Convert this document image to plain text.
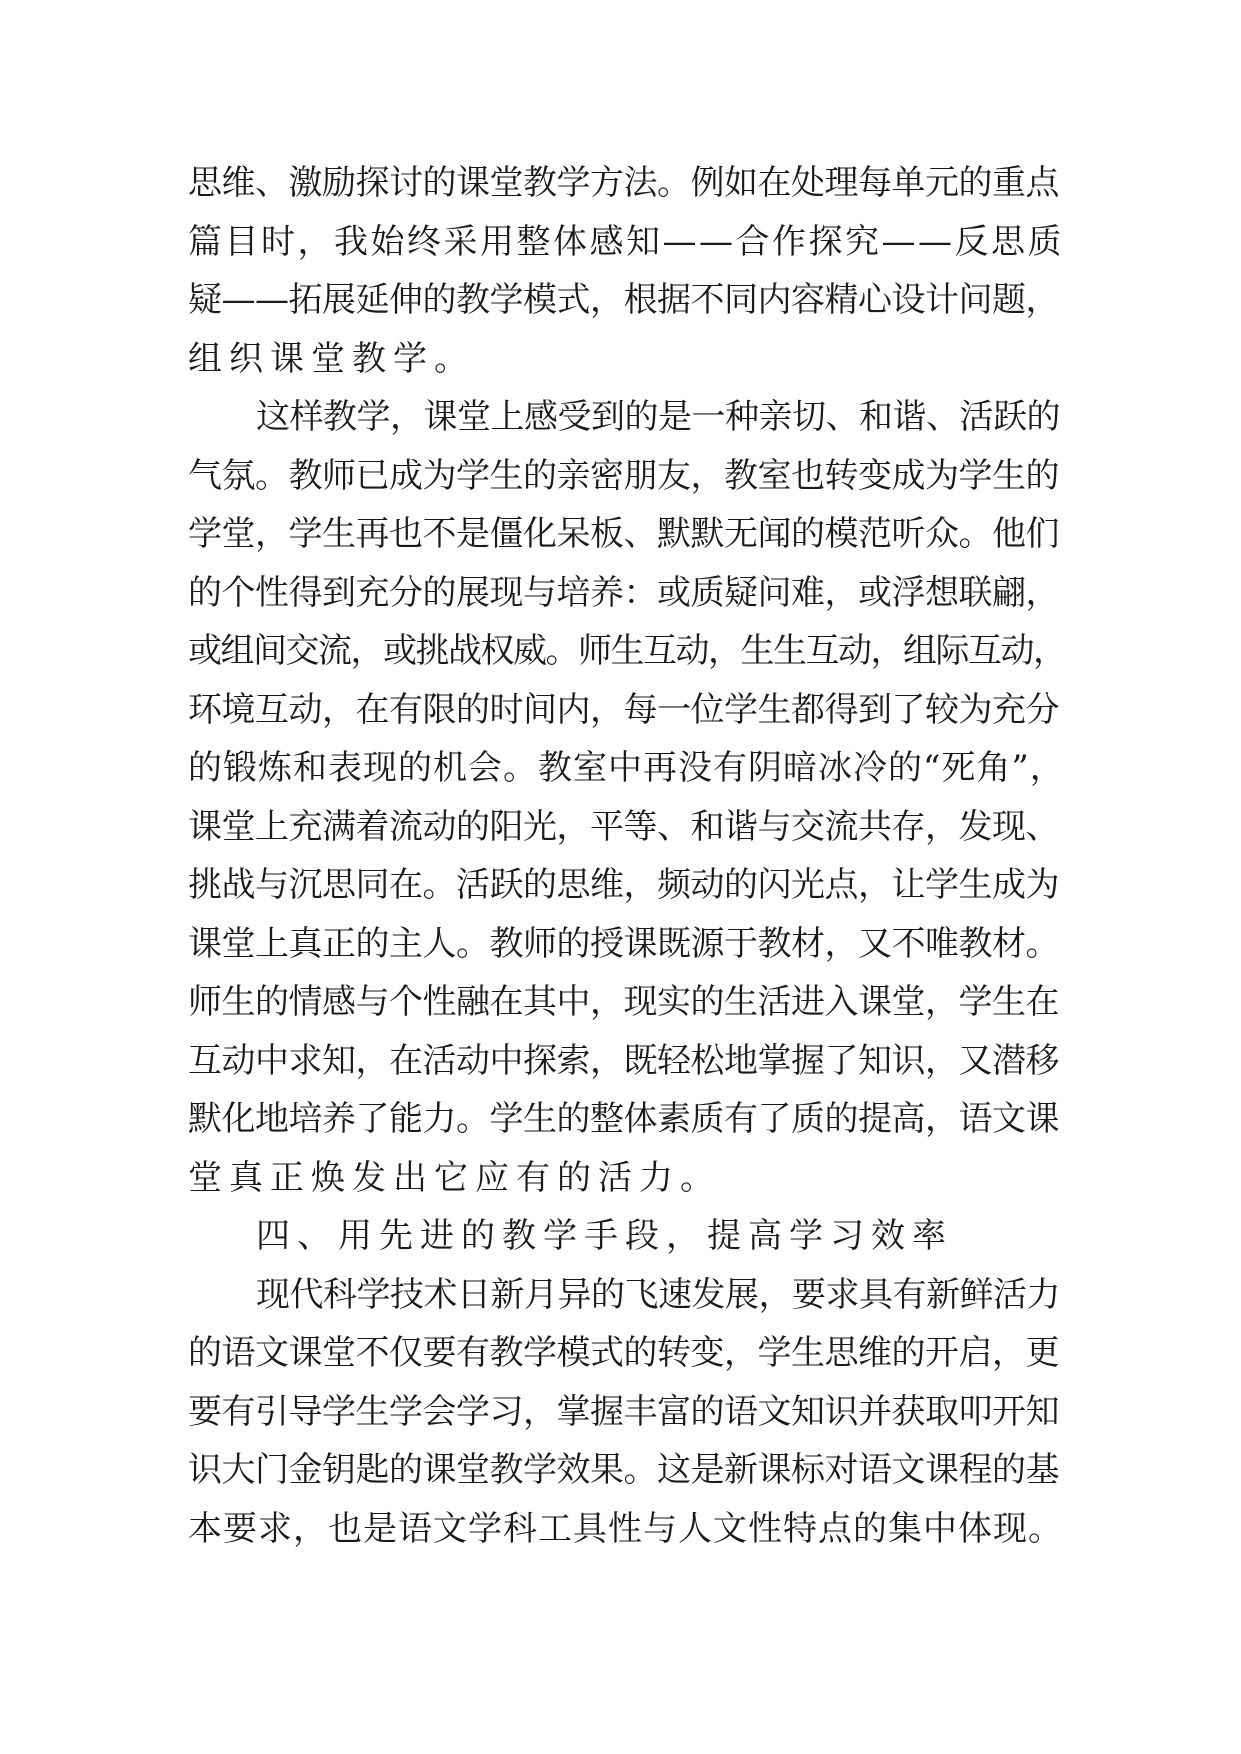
思维、激励探讨的课堂教学方法。例如在处理每单元的重点
篇目时，我始终采用整体感知——合作探究——反思质
疑——拓展延伸的教学模式，根据不同内容精心设计问题，
组织课堂教学。

这样教学，课堂上感受到的是一种亲切、和谐、活跃的
气氛。教师已成为学生的亲密朋友，教室也转变成为学生的
学堂，学生再也不是僵化呆板、默默无闻的模范听众。他们
的个性得到充分的展现与培养：或质疑问难，或浮想联翩，
或组间交流，或挑战权威。师生互动，生生互动，组际互动，
环境互动，在有限的时间内，每一位学生都得到了较为充分
的锻炼和表现的机会。教室中再没有阴暗冰冷的“死角”，
课堂上充满着流动的阳光，平等、和谐与交流共存，发现、
挑战与沉思同在。活跃的思维，频动的闪光点，让学生成为
课堂上真正的主人。教师的授课既源于教材，又不唯教材。
师生的情感与个性融在其中，现实的生活进入课堂，学生在
互动中求知，在活动中探索，既轻松地掌握了知识，又潜移
默化地培养了能力。学生的整体素质有了质的提高，语文课
堂真正焕发出它应有的活力。

四、用先进的教学手段，提高学习效率

现代科学技术日新月异的飞速发展，要求具有新鲜活力
的语文课堂不仅要有教学模式的转变，学生思维的开启，更
要有引导学生学会学习，掌握丰富的语文知识并获取叩开知
识大门金钥匙的课堂教学效果。这是新课标对语文课程的基
本要求，也是语文学科工具性与人文性特点的集中体现。
